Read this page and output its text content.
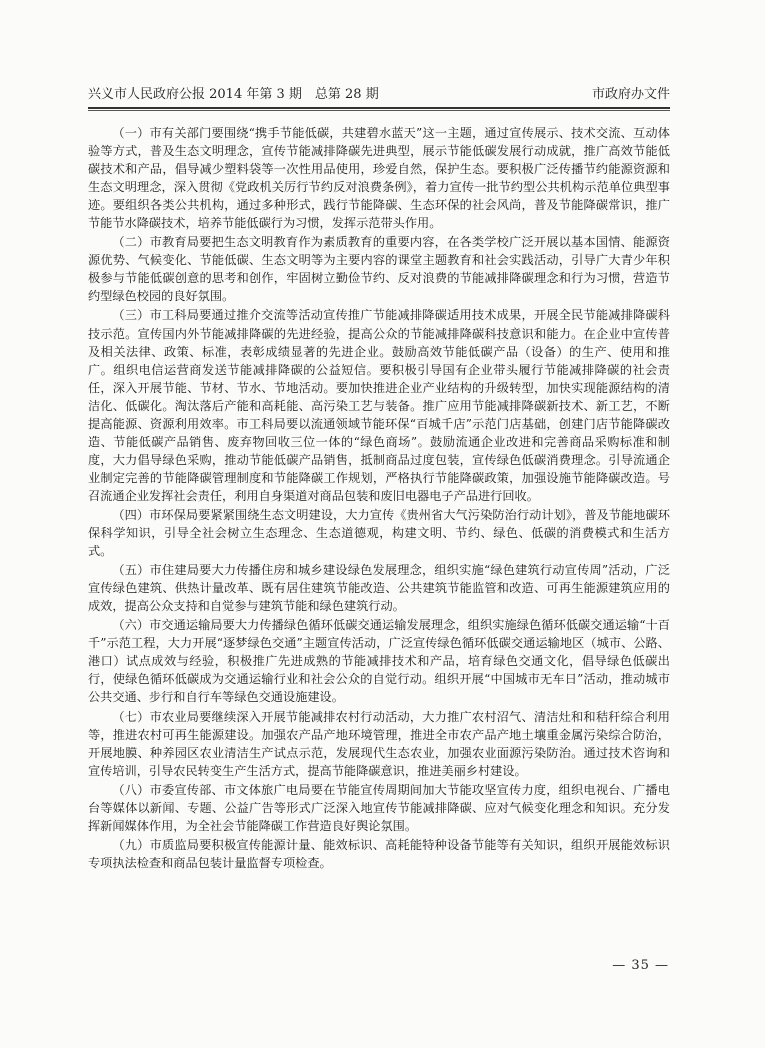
兴义市人民政府公报 2014 年第 3 期　总第 28 期	市政府办文件

（一）市有关部门要围绕“携手节能低碳，共建碧水蓝天”这一主题，通过宣传展示、技术交流、互动体验等方式，普及生态文明理念，宣传节能减排降碳先进典型，展示节能低碳发展行动成就，推广高效节能低碳技术和产品，倡导减少塑料袋等一次性用品使用，珍爱自然，保护生态。要积极广泛传播节约能源资源和生态文明理念，深入贯彻《党政机关厉行节约反对浪费条例》，着力宣传一批节约型公共机构示范单位典型事迹。要组织各类公共机构，通过多种形式，践行节能降碳、生态环保的社会风尚，普及节能降碳常识，推广节能节水降碳技术，培养节能低碳行为习惯，发挥示范带头作用。

（二）市教育局要把生态文明教育作为素质教育的重要内容，在各类学校广泛开展以基本国情、能源资源优势、气候变化、节能低碳、生态文明等为主要内容的课堂主题教育和社会实践活动，引导广大青少年积极参与节能低碳创意的思考和创作，牢固树立勤俭节约、反对浪费的节能减排降碳理念和行为习惯，营造节约型绿色校园的良好氛围。

（三）市工科局要通过推介交流等活动宣传推广节能减排降碳适用技术成果，开展全民节能减排降碳科技示范。宣传国内外节能减排降碳的先进经验，提高公众的节能减排降碳科技意识和能力。在企业中宣传普及相关法律、政策、标准，表彰成绩显著的先进企业。鼓励高效节能低碳产品（设备）的生产、使用和推广。组织电信运营商发送节能减排降碳的公益短信。要积极引导国有企业带头履行节能减排降碳的社会责任，深入开展节能、节材、节水、节地活动。要加快推进企业产业结构的升级转型，加快实现能源结构的清洁化、低碳化。淘汰落后产能和高耗能、高污染工艺与装备。推广应用节能减排降碳新技术、新工艺，不断提高能源、资源利用效率。市工科局要以流通领域节能环保“百城千店”示范门店基础，创建门店节能降碳改造、节能低碳产品销售、废弃物回收三位一体的“绿色商场”。鼓励流通企业改进和完善商品采购标准和制度，大力倡导绿色采购，推动节能低碳产品销售，抵制商品过度包装，宣传绿色低碳消费理念。引导流通企业制定完善的节能降碳管理制度和节能降碳工作规划，严格执行节能降碳政策，加强设施节能降碳改造。号召流通企业发挥社会责任，利用自身渠道对商品包装和废旧电器电子产品进行回收。

（四）市环保局要紧紧围绕生态文明建设，大力宣传《贵州省大气污染防治行动计划》，普及节能地碳环保科学知识，引导全社会树立生态理念、生态道德观，构建文明、节约、绿色、低碳的消费模式和生活方式。

（五）市住建局要大力传播住房和城乡建设绿色发展理念，组织实施“绿色建筑行动宣传周”活动，广泛宣传绿色建筑、供热计量改革、既有居住建筑节能改造、公共建筑节能监管和改造、可再生能源建筑应用的成效，提高公众支持和自觉参与建筑节能和绿色建筑行动。

（六）市交通运输局要大力传播绿色循环低碳交通运输发展理念，组织实施绿色循环低碳交通运输“十百千”示范工程，大力开展“逐梦绿色交通”主题宣传活动，广泛宣传绿色循环低碳交通运输地区（城市、公路、港口）试点成效与经验，积极推广先进成熟的节能减排技术和产品，培育绿色交通文化，倡导绿色低碳出行，使绿色循环低碳成为交通运输行业和社会公众的自觉行动。组织开展“中国城市无车日”活动，推动城市公共交通、步行和自行车等绿色交通设施建设。

（七）市农业局要继续深入开展节能减排农村行动活动，大力推广农村沼气、清洁灶和和秸秆综合利用等，推进农村可再生能源建设。加强农产品产地环境管理，推进全市农产品产地土壤重金属污染综合防治，开展地膜、种养园区农业清洁生产试点示范，发展现代生态农业，加强农业面源污染防治。通过技术咨询和宣传培训，引导农民转变生产生活方式，提高节能降碳意识，推进美丽乡村建设。

（八）市委宣传部、市文体旅广电局要在节能宣传周期间加大节能攻坚宣传力度，组织电视台、广播电台等媒体以新闻、专题、公益广告等形式广泛深入地宣传节能减排降碳、应对气候变化理念和知识。充分发挥新闻媒体作用，为全社会节能降碳工作营造良好舆论氛围。

（九）市质监局要积极宣传能源计量、能效标识、高耗能特种设备节能等有关知识，组织开展能效标识专项执法检查和商品包装计量监督专项检查。

— 35 —
